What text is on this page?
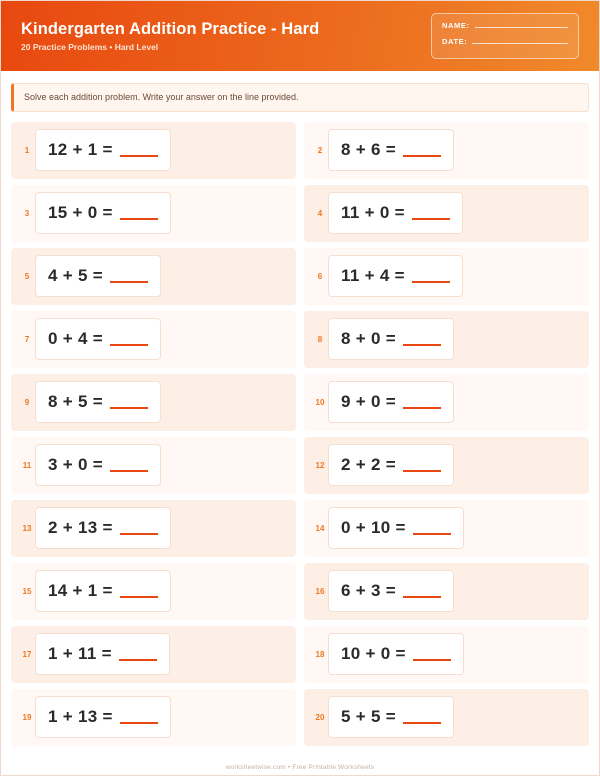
Kindergarten Addition Practice - Hard
20 Practice Problems • Hard Level
NAME:
DATE:
Solve each addition problem. Write your answer on the line provided.
1	12 + 1 =	2	8 + 6 =
3	15 + 0 =	4	11 + 0 =
5	4 + 5 =	6	11 + 4 =
7	0 + 4 =	8	8 + 0 =
9	8 + 5 =	10 9 + 0 =
11 3 + 0 =	12 2 + 2 =
13 2 + 13 =	14 0 + 10 =
15 14 + 1 =	16 6 + 3 =
17 1 + 11 =	18 10 + 0 =
19 1 + 13 =	20 5 + 5 =
worksheetwise.com • Free Printable Worksheets
